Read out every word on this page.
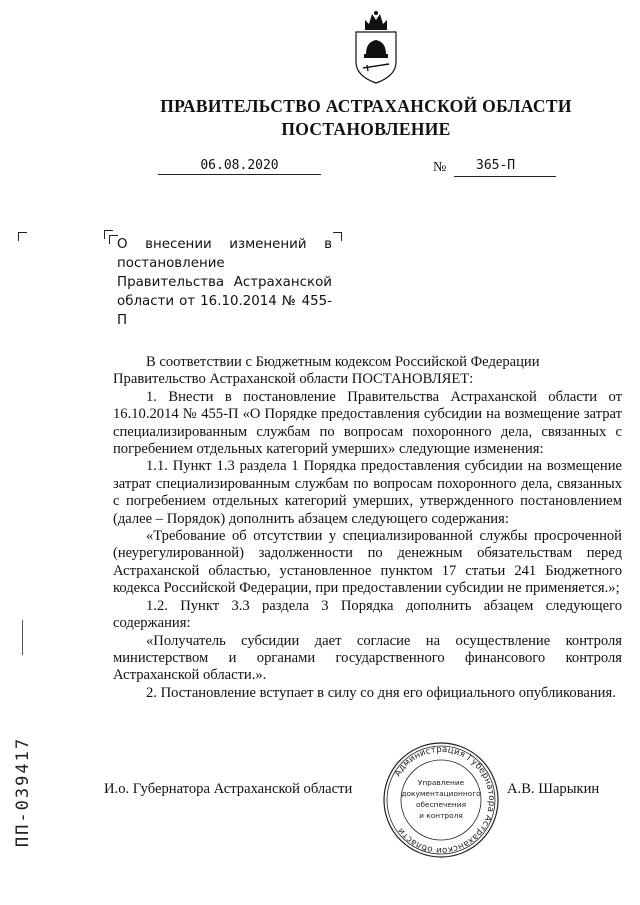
ПРАВИТЕЛЬСТВО АСТРАХАНСКОЙ ОБЛАСТИ
ПОСТАНОВЛЕНИЕ
06.08.2020	№ 365-П
О внесении изменений в постановление Правительства Астраханской области от 16.10.2014 № 455-П

В соответствии с Бюджетным кодексом Российской Федерации

Правительство Астраханской области ПОСТАНОВЛЯЕТ:

1. Внести в постановление Правительства Астраханской области от 16.10.2014 № 455-П «О Порядке предоставления субсидии на возмещение затрат специализированным службам по вопросам похоронного дела, связанных с погребением отдельных категорий умерших» следующие изменения:

1.1. Пункт 1.3 раздела 1 Порядка предоставления субсидии на возмещение затрат специализированным службам по вопросам похоронного дела, связанных с погребением отдельных категорий умерших, утвержденного постановлением (далее – Порядок) дополнить абзацем следующего содержания:

«Требование об отсутствии у специализированной службы просроченной (неурегулированной) задолженности по денежным обязательствам перед Астраханской областью, установленное пунктом 17 статьи 241 Бюджетного кодекса Российской Федерации, при предоставлении субсидии не применяется.»;

1.2. Пункт 3.3 раздела 3 Порядка дополнить абзацем следующего содержания:

«Получатель субсидии дает согласие на осуществление контроля министерством и органами государственного финансового контроля Астраханской области.».

2. Постановление вступает в силу со дня его официального опубликования.

И.о. Губернатора Астраханской области	А.В. Шарыкин
Администрация Губернатора Астраханской области
Управление
документационного
обеспечения
и контроля
ПП-039417
